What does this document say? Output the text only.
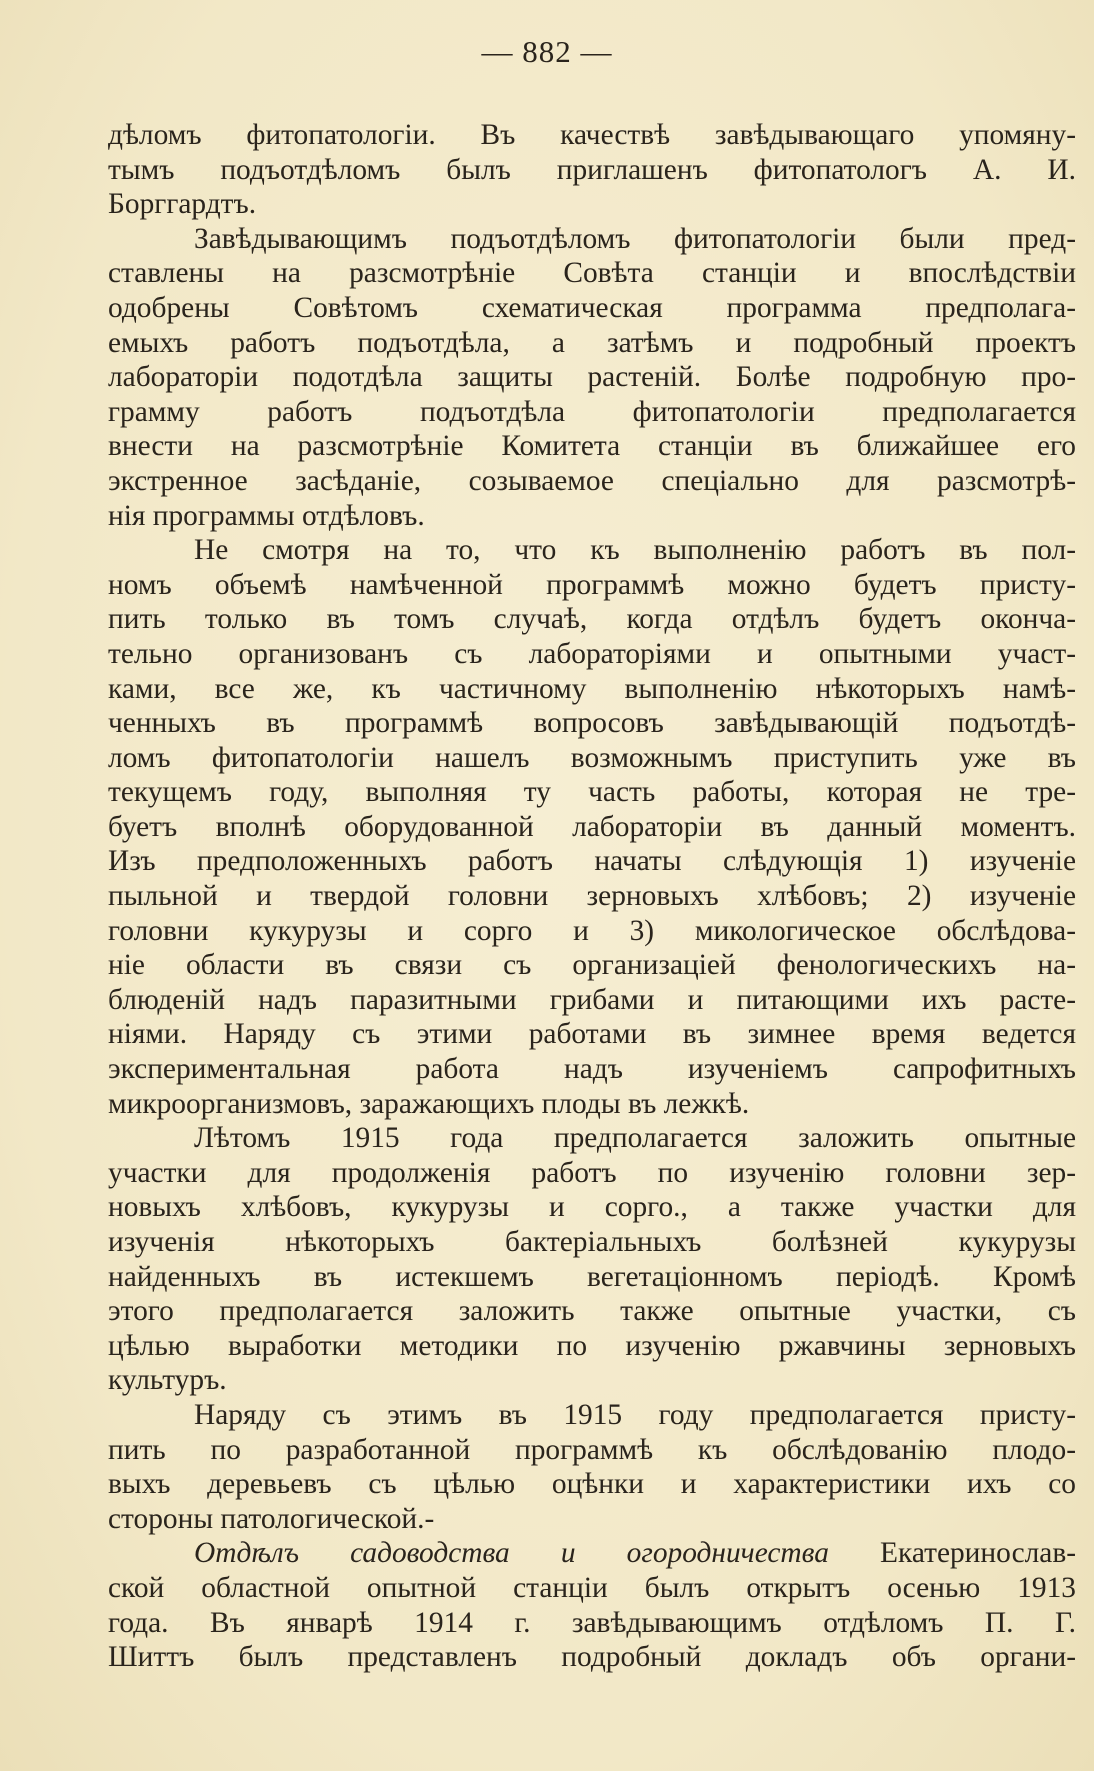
— 882 —
дѣломъ фитопатологіи. Въ качествѣ завѣдывающаго упомяну-
тымъ подъотдѣломъ былъ приглашенъ фитопатологъ А. И.
Борггардтъ.
Завѣдывающимъ подъотдѣломъ фитопатологіи были пред-
ставлены на разсмотрѣніе Совѣта станціи и впослѣдствіи
одобрены Совѣтомъ схематическая программа предполага-
емыхъ работъ подъотдѣла, а затѣмъ и подробный проектъ
лабораторіи подотдѣла защиты растеній. Болѣе подробную про-
грамму работъ подъотдѣла фитопатологіи предполагается
внести на разсмотрѣніе Комитета станціи въ ближайшее его
экстренное засѣданіе, созываемое спеціально для разсмотрѣ-
нія программы отдѣловъ.
Не смотря на то, что къ выполненію работъ въ пол-
номъ объемѣ намѣченной программѣ можно будетъ присту-
пить только въ томъ случаѣ, когда отдѣлъ будетъ оконча-
тельно организованъ съ лабораторіями и опытными участ-
ками, все же, къ частичному выполненію нѣкоторыхъ намѣ-
ченныхъ въ программѣ вопросовъ завѣдывающій подъотдѣ-
ломъ фитопатологіи нашелъ возможнымъ приступить уже въ
текущемъ году, выполняя ту часть работы, которая не тре-
буетъ вполнѣ оборудованной лабораторіи въ данный моментъ.
Изъ предположенныхъ работъ начаты слѣдующія 1) изученіе
пыльной и твердой головни зерновыхъ хлѣбовъ; 2) изученіе
головни кукурузы и сорго и 3) микологическое обслѣдова-
ніе области въ связи съ организаціей фенологическихъ на-
блюденій надъ паразитными грибами и питающими ихъ расте-
ніями. Наряду съ этими работами въ зимнее время ведется
экспериментальная работа надъ изученіемъ сапрофитныхъ
микроорганизмовъ, заражающихъ плоды въ лежкѣ.
Лѣтомъ 1915 года предполагается заложить опытные
участки для продолженія работъ по изученію головни зер-
новыхъ хлѣбовъ, кукурузы и сорго., а также участки для
изученія нѣкоторыхъ бактеріальныхъ болѣзней кукурузы
найденныхъ въ истекшемъ вегетаціонномъ періодѣ. Кромѣ
этого предполагается заложить также опытные участки, съ
цѣлью выработки методики по изученію ржавчины зерновыхъ
культуръ.
Наряду съ этимъ въ 1915 году предполагается присту-
пить по разработанной программѣ къ обслѣдованію плодо-
выхъ деревьевъ съ цѣлью оцѣнки и характеристики ихъ со
стороны патологической.-
Отдѣлъ садоводства и огородничества Екатеринослав-
ской областной опытной станціи былъ открытъ осенью 1913
года. Въ январѣ 1914 г. завѣдывающимъ отдѣломъ П. Г.
Шиттъ былъ представленъ подробный докладъ объ органи-
